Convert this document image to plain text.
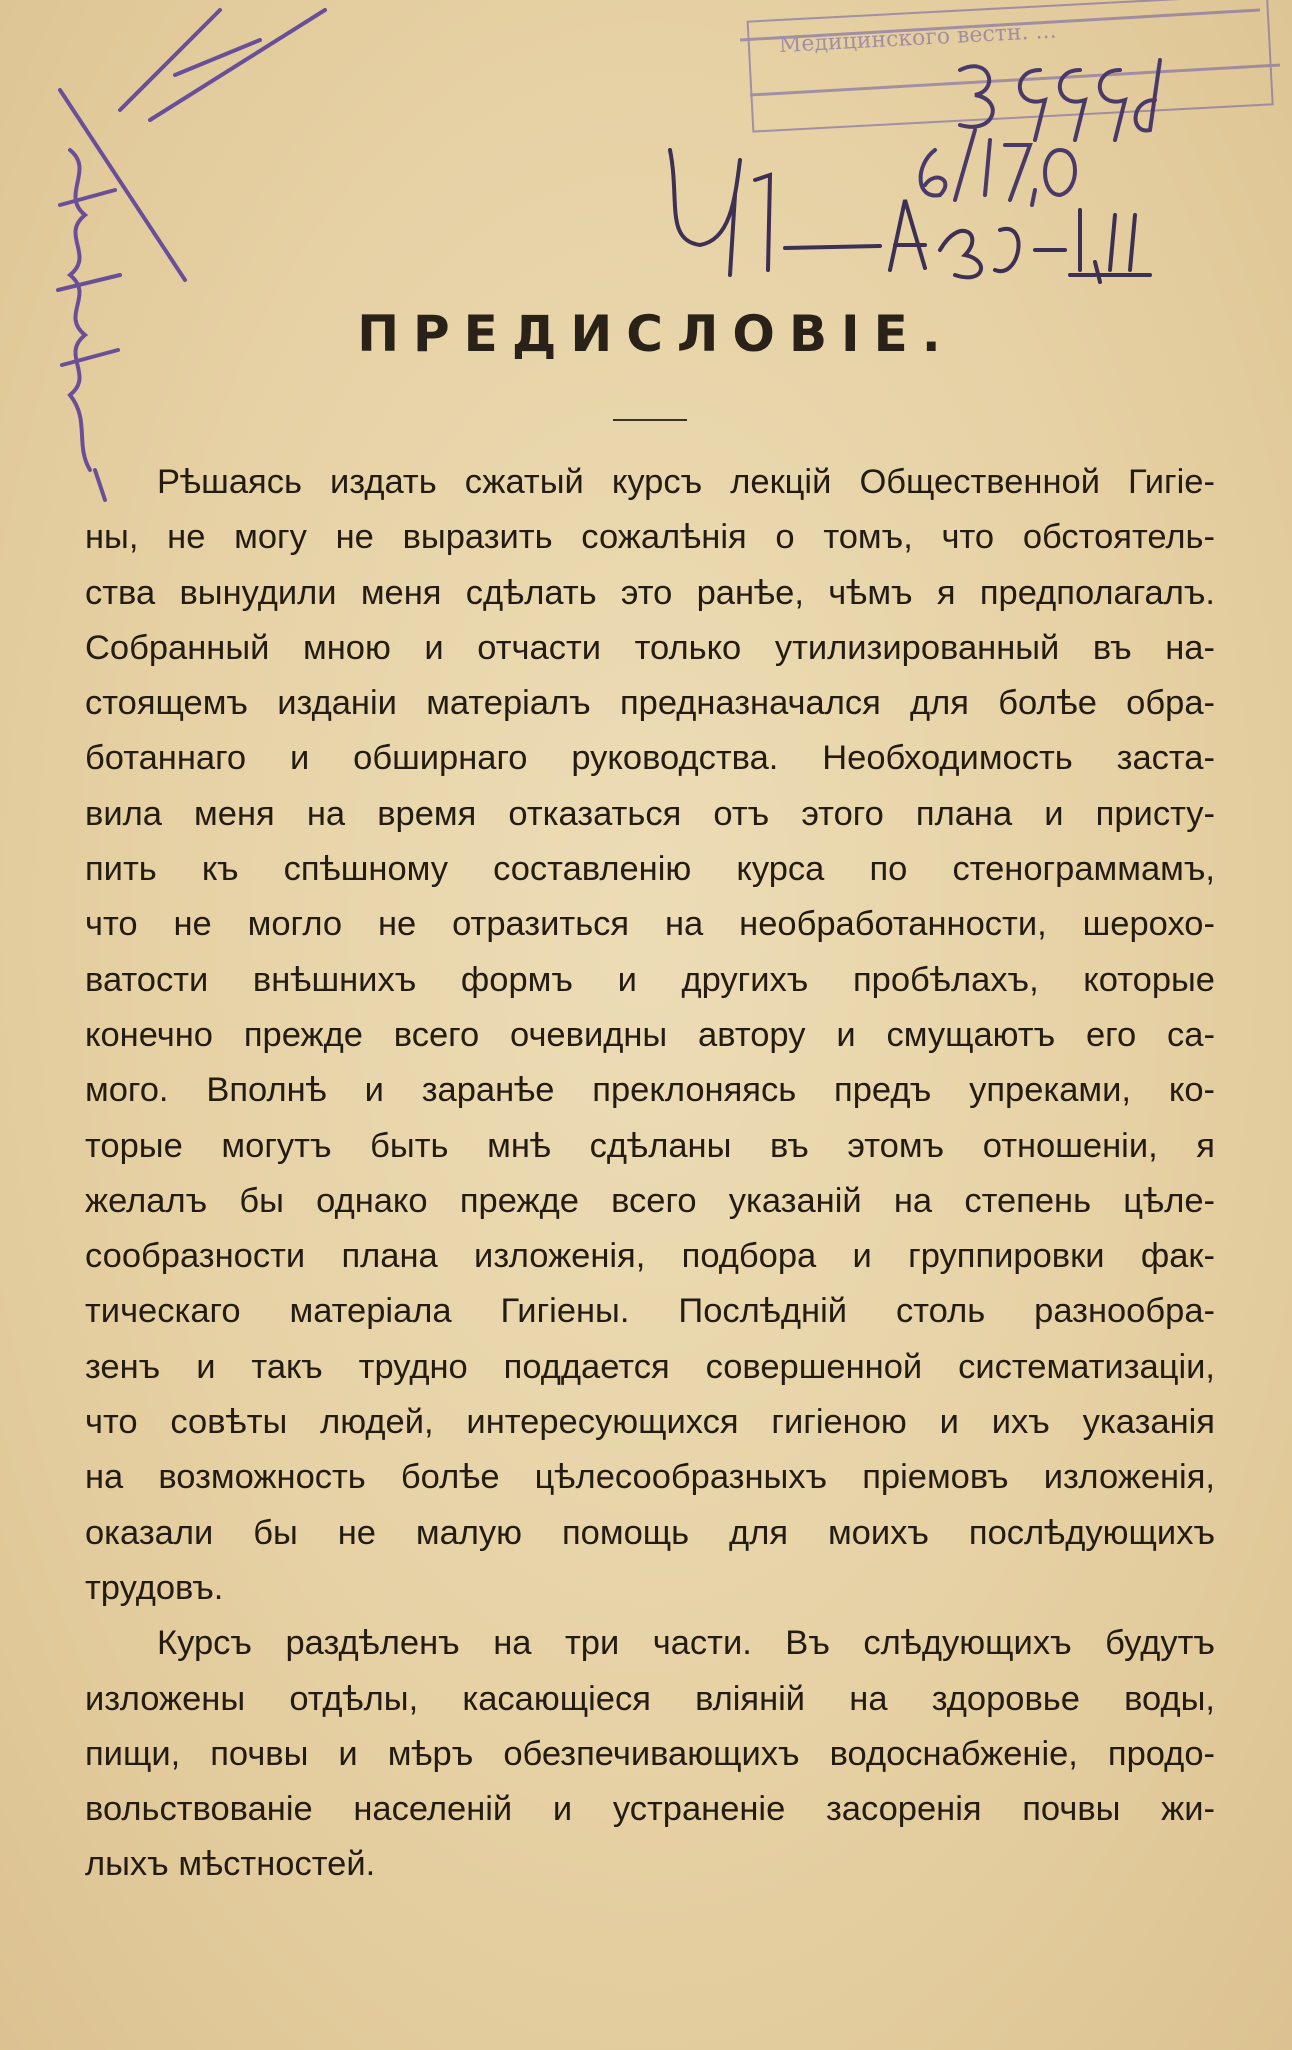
Медицинского вестн. ...
ПРЕДИСЛОВIЕ.
Рѣшаясь издать сжатый курсъ лекцій Общественной Гигіе-
ны, не могу не выразить сожалѣнія о томъ, что обстоятель-
ства вынудили меня сдѣлать это ранѣе, чѣмъ я предполагалъ.
Собранный мною и отчасти только утилизированный въ на-
стоящемъ изданіи матеріалъ предназначался для болѣе обра-
ботаннаго и обширнаго руководства. Необходимость заста-
вила меня на время отказаться отъ этого плана и присту-
пить къ спѣшному составленію курса по стенограммамъ,
что не могло не отразиться на необработанности, шерохо-
ватости внѣшнихъ формъ и другихъ пробѣлахъ, которые
конечно прежде всего очевидны автору и смущаютъ его са-
мого. Вполнѣ и заранѣе преклоняясь предъ упреками, ко-
торые могутъ быть мнѣ сдѣланы въ этомъ отношеніи, я
желалъ бы однако прежде всего указаній на степень цѣле-
сообразности плана изложенія, подбора и группировки фак-
тическаго матеріала Гигіены. Послѣдній столь разнообра-
зенъ и такъ трудно поддается совершенной систематизаціи,
что совѣты людей, интересующихся гигіеною и ихъ указанія
на возможность болѣе цѣлесообразныхъ пріемовъ изложенія,
оказали бы не малую помощь для моихъ послѣдующихъ
трудовъ.
Курсъ раздѣленъ на три части. Въ слѣдующихъ будутъ
изложены отдѣлы, касающіеся вліяній на здоровье воды,
пищи, почвы и мѣръ обезпечивающихъ водоснабженіе, продо-
вольствованіе населеній и устраненіе засоренія почвы жи-
лыхъ мѣстностей.
